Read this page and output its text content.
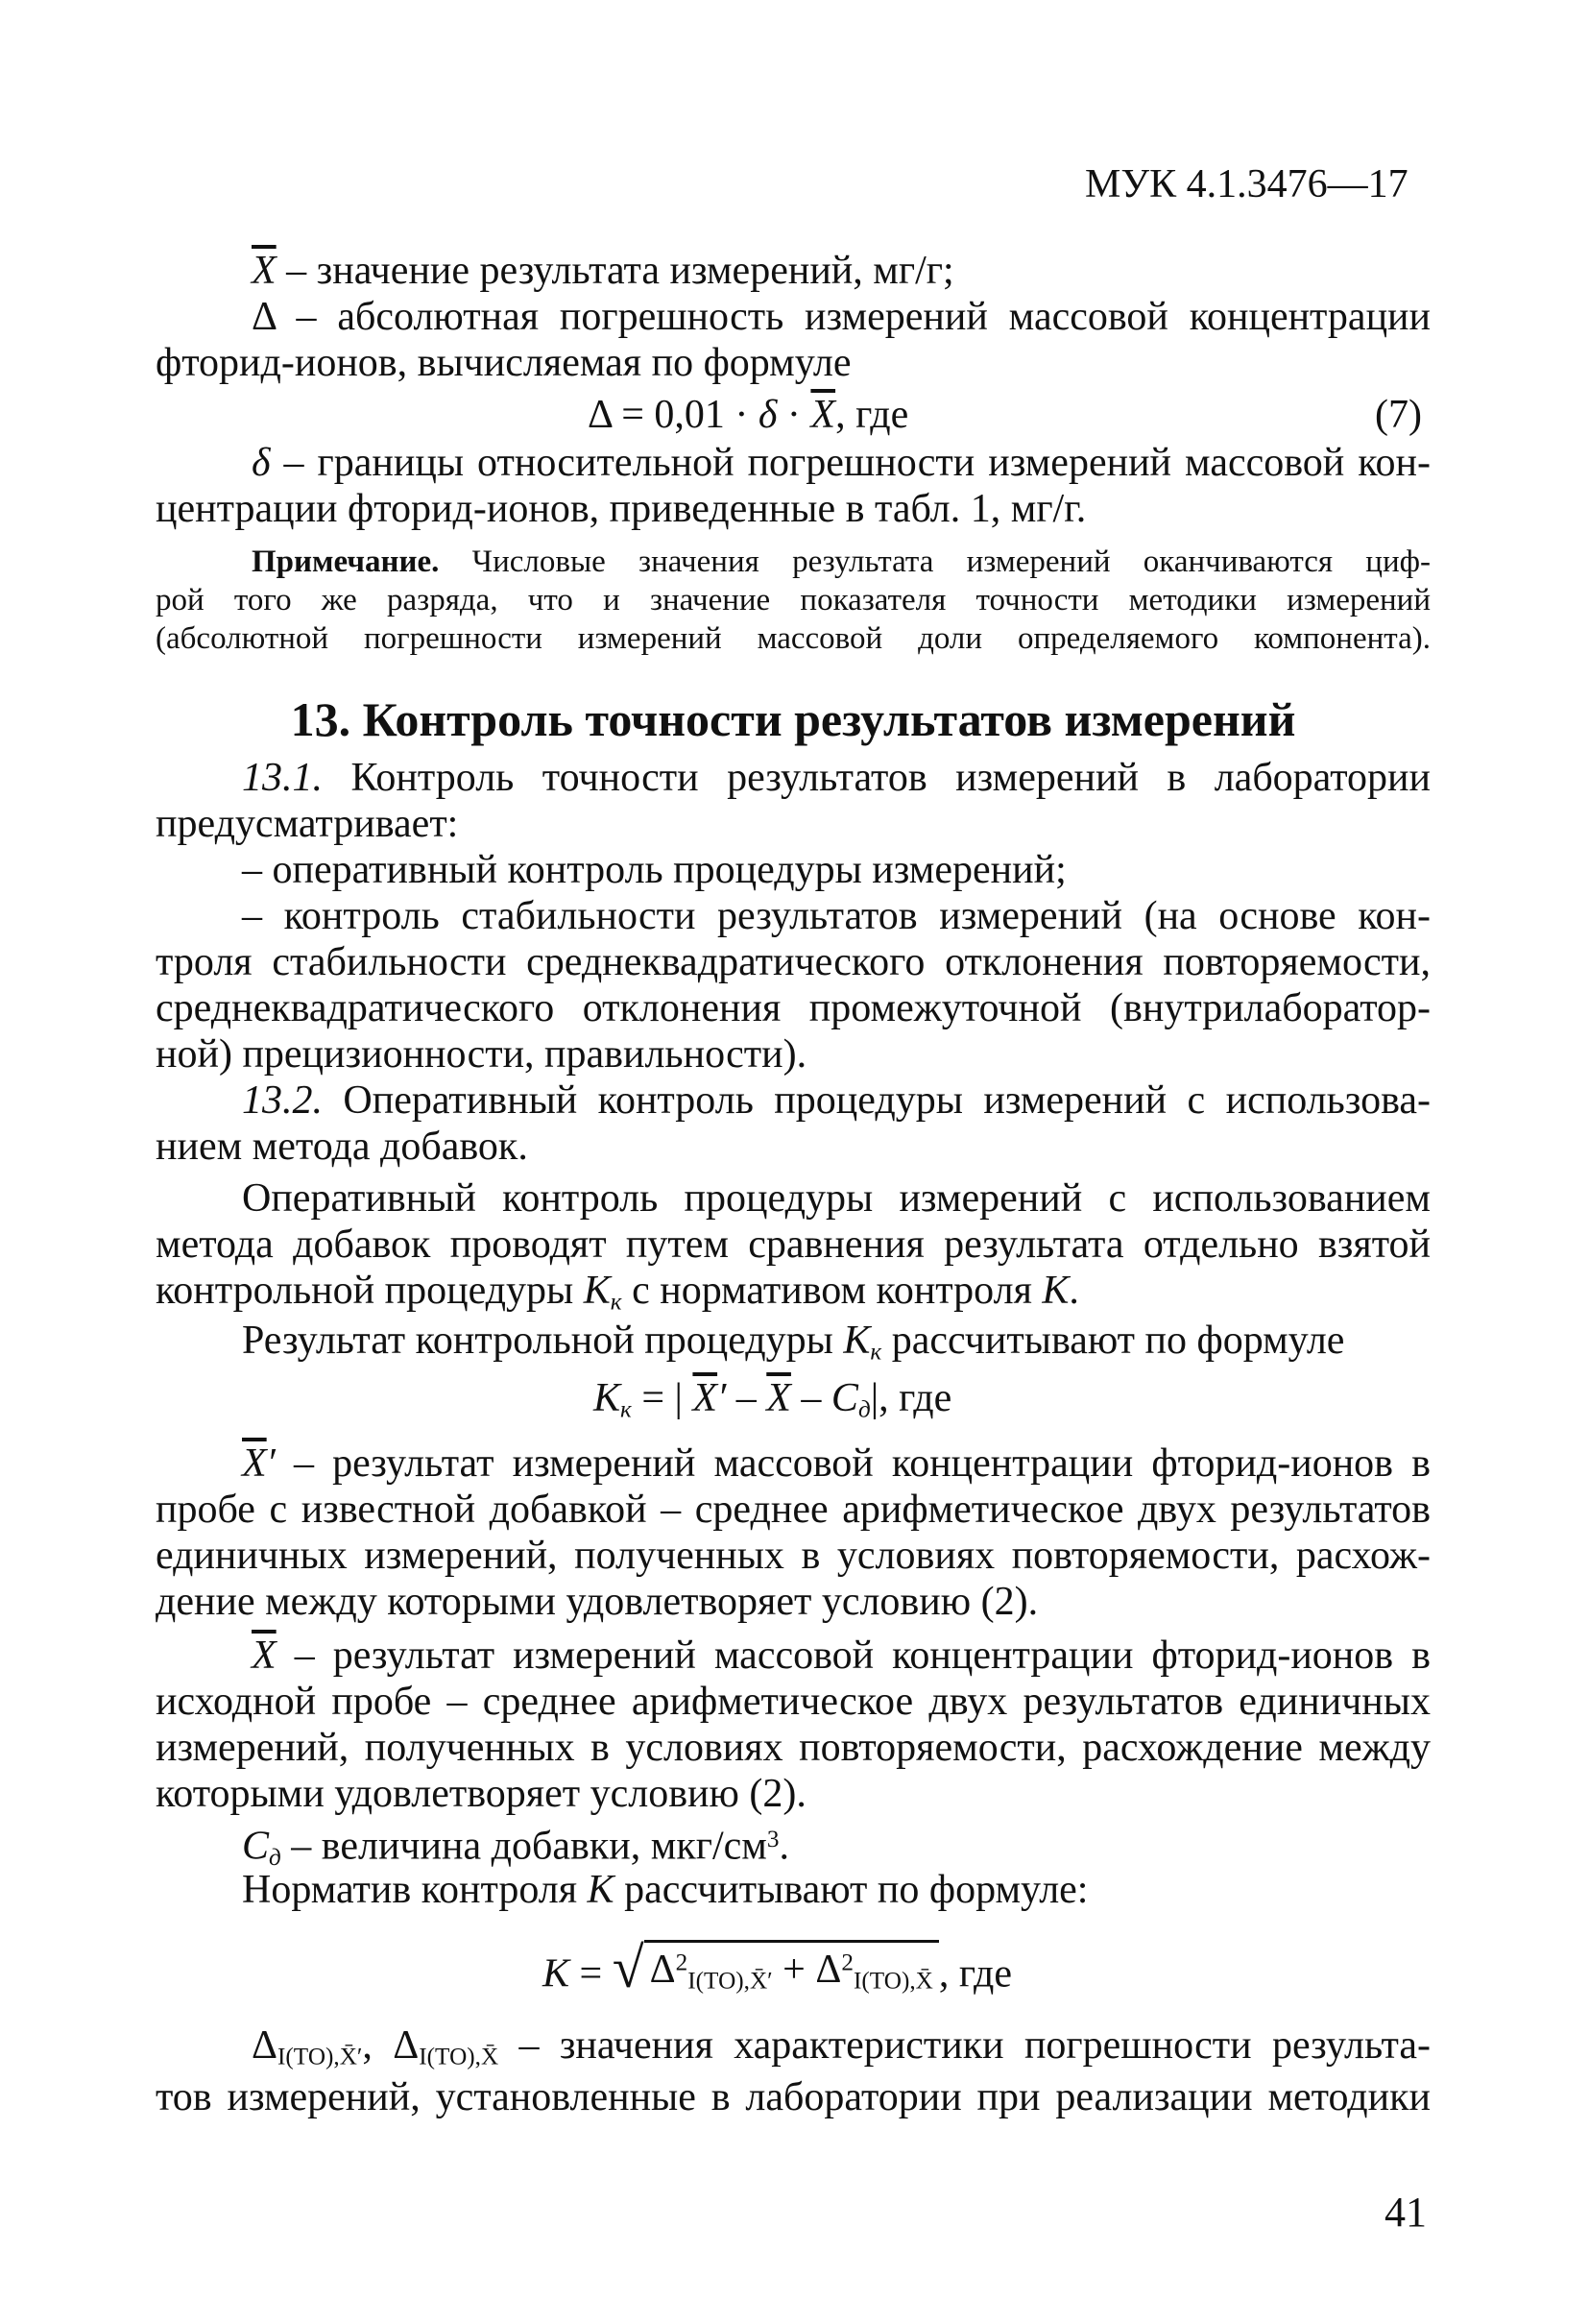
МУК 4.1.3476—17
$\overline{X}$ – значение результата измерений, мг/г;
Δ – абсолютная погрешность измерений массовой концентрации
фторид-ионов, вычисляемая по формуле
$\Delta = 0,01 \cdot \delta \cdot \overline{X}$, где	(7)
δ – границы относительной погрешности измерений массовой кон-
центрации фторид-ионов, приведенные в табл. 1, мг/г.
Примечание. Числовые значения результата измерений оканчиваются циф-
рой того же разряда, что и значение показателя точности методики измерений
(абсолютной погрешности измерений массовой доли определяемого компонента).
13. Контроль точности результатов измерений
13.1. Контроль точности результатов измерений в лаборатории
предусматривает:
– оперативный контроль процедуры измерений;
– контроль стабильности результатов измерений (на основе кон-
троля стабильности среднеквадратического отклонения повторяемости,
среднеквадратического отклонения промежуточной (внутрилаборатор-
ной) прецизионности, правильности).
13.2. Оперативный контроль процедуры измерений с использова-
нием метода добавок.
Оперативный контроль процедуры измерений с использованием
метода добавок проводят путем сравнения результата отдельно взятой
контрольной процедуры $K_к$ с нормативом контроля K.
Результат контрольной процедуры $K_к$ рассчитывают по формуле
$K_к$ = | $\overline{X}' - \overline{X} - C_д|$, где
$\overline{X}'$ – результат измерений массовой концентрации фторид-ионов в
пробе с известной добавкой – среднее арифметическое двух результатов
единичных измерений, полученных в условиях повторяемости, расхож-
дение между которыми удовлетворяет условию (2).
$\overline{X}$ – результат измерений массовой концентрации фторид-ионов в
исходной пробе – среднее арифметическое двух результатов единичных
измерений, полученных в условиях повторяемости, расхождение между
которыми удовлетворяет условию (2).
$C_д$ – величина добавки, мкг/$см^3$.
Норматив контроля K рассчитывают по формуле:
K = √ $\Delta^2_{I(ТО),X̄'} + \Delta^2_{I(ТО),X̄}$ , где
$\Delta_{I(ТО),X̄'}$, $\Delta_{I(ТО),X̄}$ – значения характеристики погрешности результа-
тов измерений, установленные в лаборатории при реализации методики
41
